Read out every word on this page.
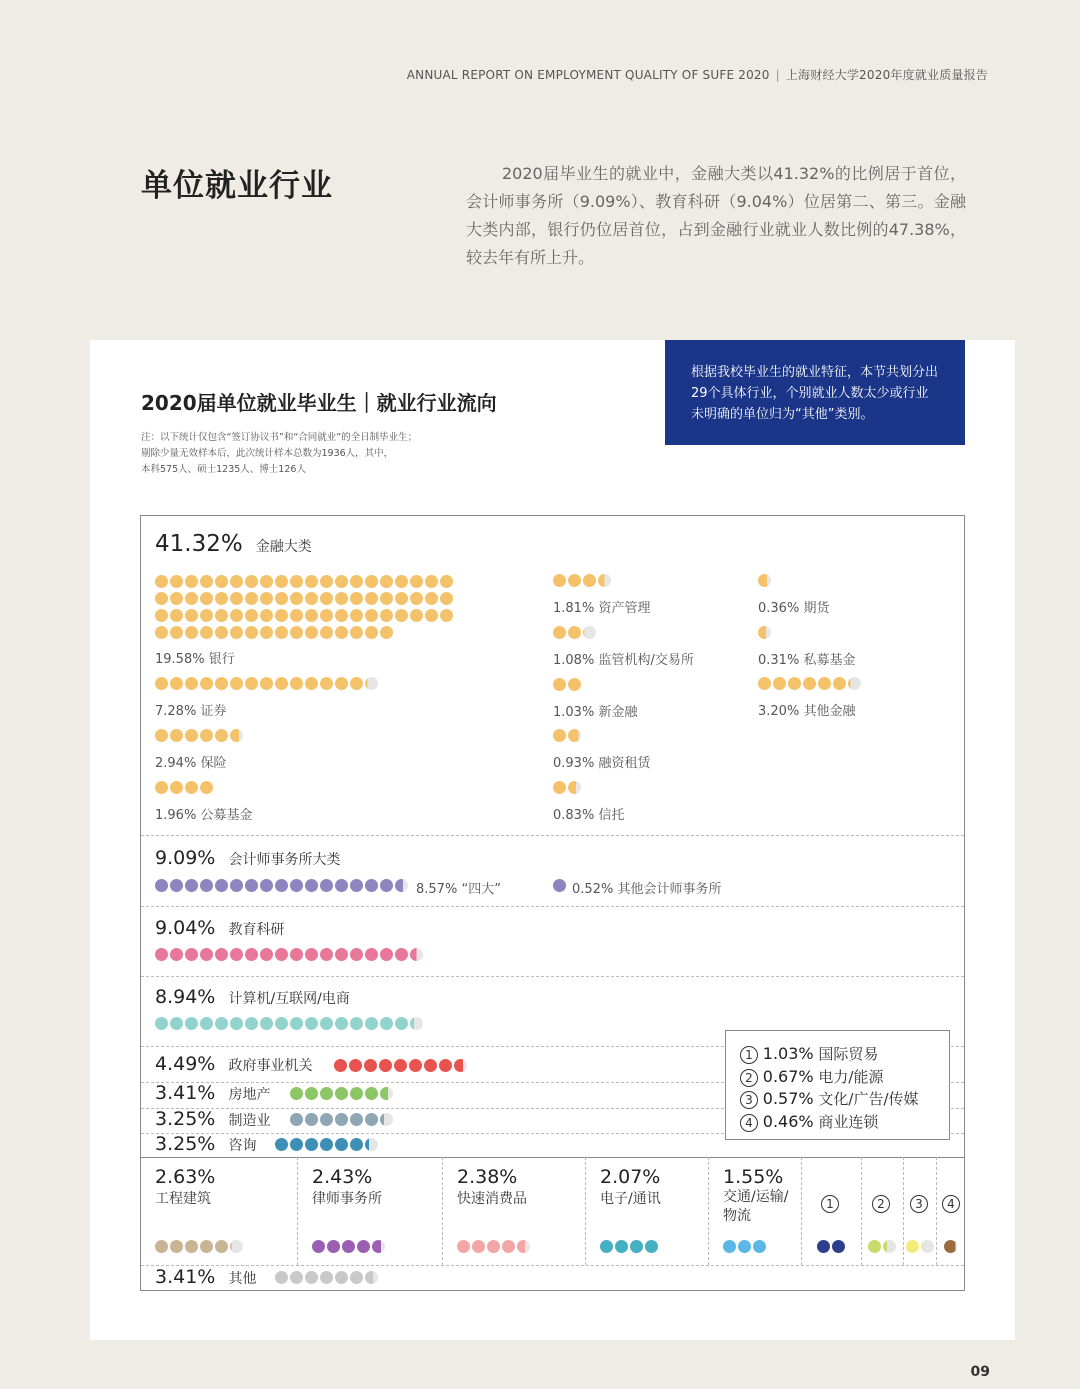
ANNUAL REPORT ON EMPLOYMENT QUALITY OF SUFE 2020 | 上海财经大学2020年度就业质量报告
单位就业行业	2020届毕业生的就业中，金融大类以41.32%的比例居于首位，会计师事务所（9.09%）、教育科研（9.04%）位居第二、第三。金融大类内部，银行仍位居首位，占到金融行业就业人数比例的47.38%，较去年有所上升。
根据我校毕业生的就业特征，本节共划分出29个具体行业，个别就业人数太少或行业未明确的单位归为“其他”类别。
2020届单位就业毕业生｜就业行业流向
注：以下统计仅包含“签订协议书”和“合同就业”的全日制毕业生；
剔除少量无效样本后，此次统计样本总数为1936人，其中，
本科575人、硕士1235人、博士126人
41.32% 金融大类
19.58% 银行
7.28% 证券
2.94% 保险
1.96% 公募基金
1.81% 资产管理
1.08% 监管机构/交易所
1.03% 新金融
0.93% 融资租赁
0.83% 信托
0.36% 期货
0.31% 私募基金
3.20% 其他金融
9.09% 会计师事务所大类
8.57% “四大”	0.52% 其他会计师事务所
9.04% 教育科研
8.94% 计算机/互联网/电商
4.49% 政府事业机关
3.41% 房地产
3.25% 制造业
3.25% 咨询
1 1.03% 国际贸易
2 0.67% 电力/能源
3 0.57% 文化/广告/传媒
4 0.46% 商业连锁
2.63%
工程建筑
2.43%
律师事务所
2.38%
快速消费品
2.07%
电子/通讯
1.55%
交通/运输/物流
1	2	3	4
3.41% 其他
09
